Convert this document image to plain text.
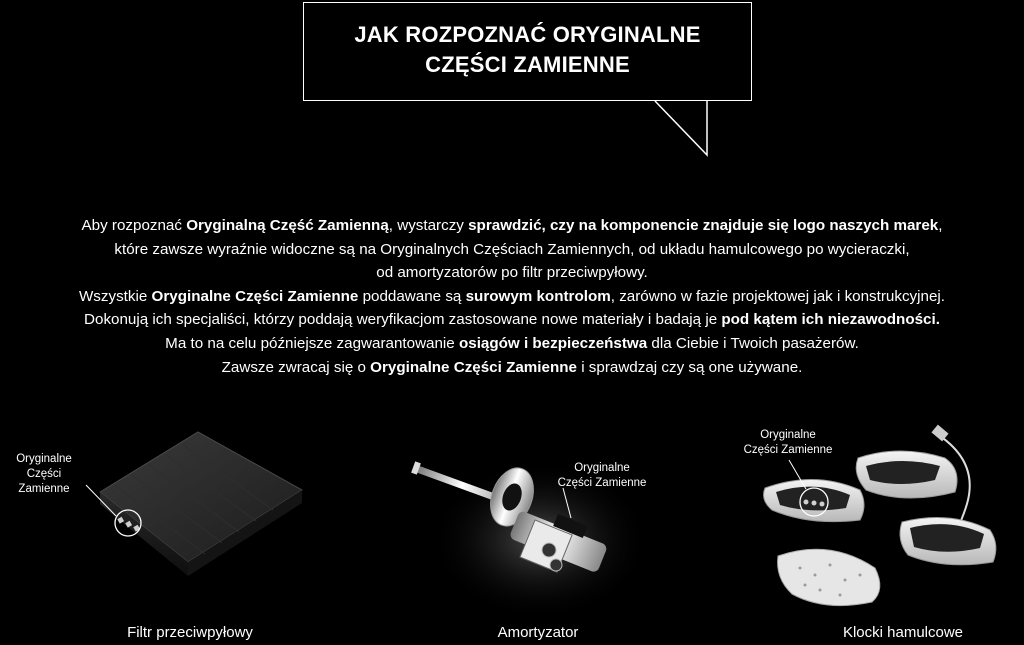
JAK ROZPOZNAĆ ORYGINALNE
CZĘŚCI ZAMIENNE

Aby rozpoznać Oryginalną Część Zamienną, wystarczy sprawdzić, czy na komponencie znajduje się logo naszych marek,

które zawsze wyraźnie widoczne są na Oryginalnych Częściach Zamiennych, od układu hamulcowego po wycieraczki,

od amortyzatorów po filtr przeciwpyłowy.

Wszystkie Oryginalne Części Zamienne poddawane są surowym kontrolom, zarówno w fazie projektowej jak i konstrukcyjnej.

Dokonują ich specjaliści, którzy poddają weryfikacjom zastosowane nowe materiały i badają je pod kątem ich niezawodności.

Ma to na celu późniejsze zagwarantowanie osiągów i bezpieczeństwa dla Ciebie i Twoich pasażerów.

Zawsze zwracaj się o Oryginalne Części Zamienne i sprawdzaj czy są one używane.

Oryginalne
Części Zamienne
Oryginalne
Części Zamienne
Oryginalne
Części Zamienne
Filtr przeciwpyłowy	Amortyzator	Klocki hamulcowe
